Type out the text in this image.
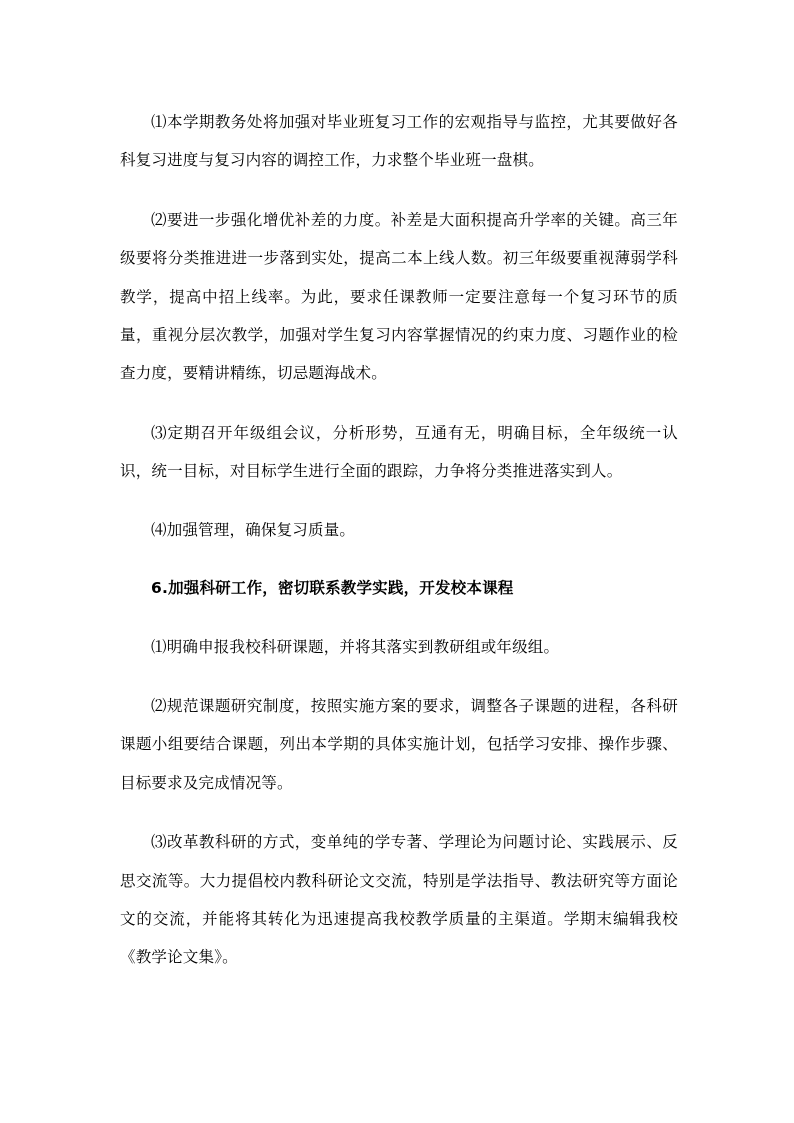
⑴本学期教务处将加强对毕业班复习工作的宏观指导与监控，尤其要做好各科复习进度与复习内容的调控工作，力求整个毕业班一盘棋。

⑵要进一步强化增优补差的力度。补差是大面积提高升学率的关键。高三年级要将分类推进进一步落到实处，提高二本上线人数。初三年级要重视薄弱学科教学，提高中招上线率。为此，要求任课教师一定要注意每一个复习环节的质量，重视分层次教学，加强对学生复习内容掌握情况的约束力度、习题作业的检查力度，要精讲精练，切忌题海战术。

⑶定期召开年级组会议，分析形势，互通有无，明确目标，全年级统一认识，统一目标，对目标学生进行全面的跟踪，力争将分类推进落实到人。

⑷加强管理，确保复习质量。

6.加强科研工作，密切联系教学实践，开发校本课程

⑴明确申报我校科研课题，并将其落实到教研组或年级组。

⑵规范课题研究制度，按照实施方案的要求，调整各子课题的进程，各科研课题小组要结合课题，列出本学期的具体实施计划，包括学习安排、操作步骤、目标要求及完成情况等。

⑶改革教科研的方式，变单纯的学专著、学理论为问题讨论、实践展示、反思交流等。大力提倡校内教科研论文交流，特别是学法指导、教法研究等方面论文的交流，并能将其转化为迅速提高我校教学质量的主渠道。学期末编辑我校《教学论文集》。
